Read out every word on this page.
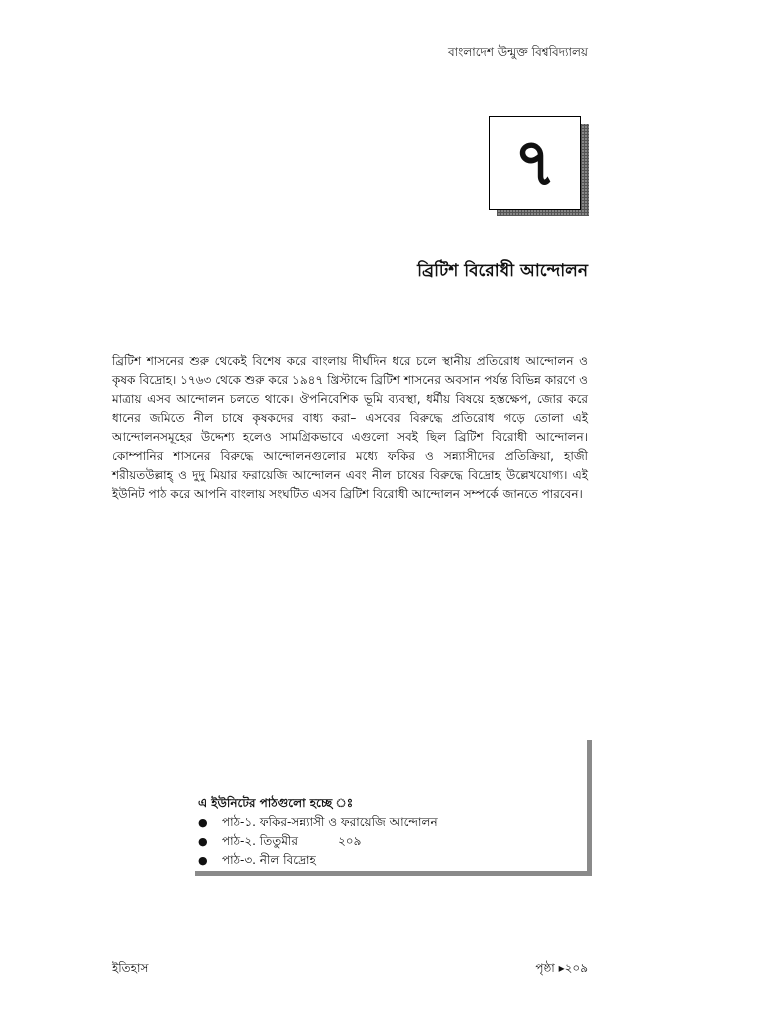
বাংলাদেশ উন্মুক্ত বিশ্ববিদ্যালয়
৭
ব্রিটিশ বিরোধী আন্দোলন

ব্রিটিশ শাসনের শুরু থেকেই বিশেষ করে বাংলায় দীর্ঘদিন ধরে চলে স্থানীয় প্রতিরোধ আন্দোলন ও কৃষক বিদ্রোহ। ১৭৬৩ থেকে শুরু করে ১৯৪৭ খ্রিস্টাব্দে ব্রিটিশ শাসনের অবসান পর্যন্ত বিভিন্ন কারণে ও মাত্রায় এসব আন্দোলন চলতে থাকে। ঔপনিবেশিক ভূমি ব্যবস্থা, ধর্মীয় বিষয়ে হস্তক্ষেপ, জোর করে ধানের জমিতে নীল চাষে কৃষকদের বাধ্য করা– এসবের বিরুদ্ধে প্রতিরোধ গড়ে তোলা এই আন্দোলনসমূহের উদ্দেশ্য হলেও সামগ্রিকভাবে এগুলো সবই ছিল ব্রিটিশ বিরোধী আন্দোলন। কোম্পানির শাসনের বিরুদ্ধে আন্দোলনগুলোর মধ্যে ফকির ও সন্ন্যাসীদের প্রতিক্রিয়া, হাজী শরীয়তউল্লাহ্ ও দুদু মিয়ার ফরায়েজি আন্দোলন এবং নীল চাষের বিরুদ্ধে বিদ্রোহ উল্লেখযোগ্য। এই ইউনিট পাঠ করে আপনি বাংলায় সংঘটিত এসব ব্রিটিশ বিরোধী আন্দোলন সম্পর্কে জানতে পারবেন।

এ ইউনিটের পাঠগুলো হচ্ছে ঃ
● পাঠ-১. ফকির-সন্ন্যাসী ও ফরায়েজি আন্দোলন
● পাঠ-২. তিতুমীর	২০৯
● পাঠ-৩. নীল বিদ্রোহ
ইতিহাস	পৃষ্ঠা ▸২০৯
